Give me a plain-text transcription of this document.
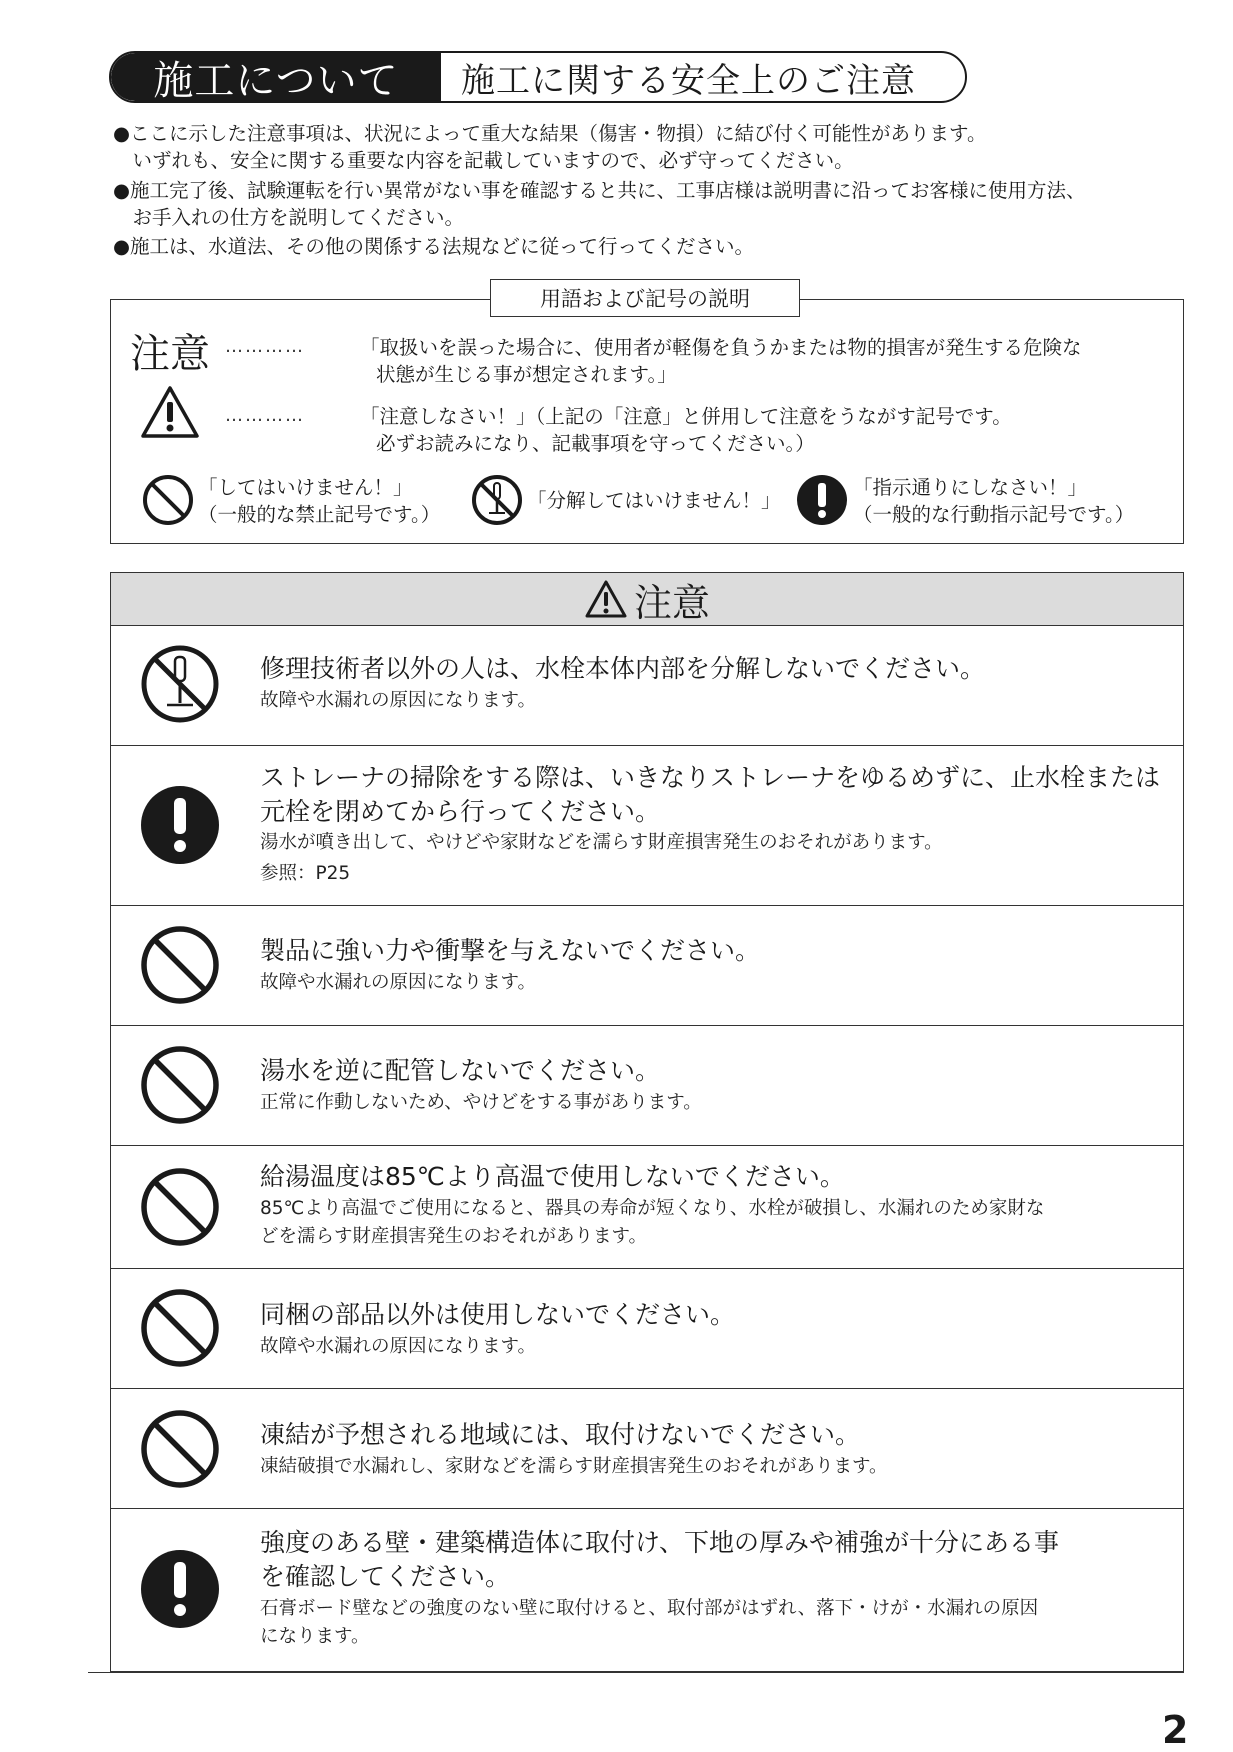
施工について	施工に関する安全上のご注意
●ここに示した注意事項は、状況によって重大な結果（傷害・物損）に結び付く可能性があります。
　いずれも、安全に関する重要な内容を記載していますので、必ず守ってください。
●施工完了後、試験運転を行い異常がない事を確認すると共に、工事店様は説明書に沿ってお客様に使用方法、
　お手入れの仕方を説明してください。
●施工は、水道法、その他の関係する法規などに従って行ってください。
用語および記号の説明
注意 …………	「取扱いを誤った場合に、使用者が軽傷を負うかまたは物的損害が発生する危険な
状態が生じる事が想定されます。」
…………	「注意しなさい！」（上記の「注意」と併用して注意をうながす記号です。
必ずお読みになり、記載事項を守ってください。）
「してはいけません！」
（一般的な禁止記号です。）
「分解してはいけません！」
「指示通りにしなさい！」
（一般的な行動指示記号です。）
注意
修理技術者以外の人は、水栓本体内部を分解しないでください。
故障や水漏れの原因になります。
ストレーナの掃除をする際は、いきなりストレーナをゆるめずに、止水栓または
元栓を閉めてから行ってください。
湯水が噴き出して、やけどや家財などを濡らす財産損害発生のおそれがあります。
参照：P25
製品に強い力や衝撃を与えないでください。
故障や水漏れの原因になります。
湯水を逆に配管しないでください。
正常に作動しないため、やけどをする事があります。
給湯温度は85℃より高温で使用しないでください。
85℃より高温でご使用になると、器具の寿命が短くなり、水栓が破損し、水漏れのため家財な
どを濡らす財産損害発生のおそれがあります。
同梱の部品以外は使用しないでください。
故障や水漏れの原因になります。
凍結が予想される地域には、取付けないでください。
凍結破損で水漏れし、家財などを濡らす財産損害発生のおそれがあります。
強度のある壁・建築構造体に取付け、下地の厚みや補強が十分にある事
を確認してください。
石膏ボード壁などの強度のない壁に取付けると、取付部がはずれ、落下・けが・水漏れの原因
になります。
2
